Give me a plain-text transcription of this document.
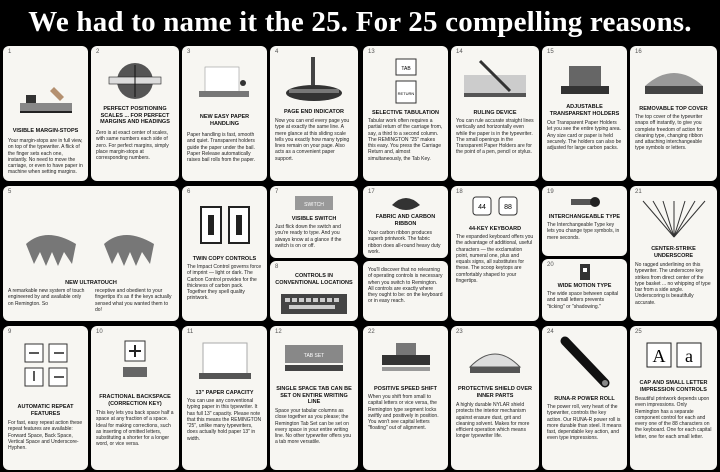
We had to name it the 25. For 25 compelling reasons.
1
VISIBLE MARGIN-STOPS
Your margin-stops are in full view, on top of the typewriter. A flick of the finger sets each one, instantly. No need to move the carriage, or even to have paper in machine when setting margins.
2
PERFECT POSITIONING SCALES ... FOR PERFECT MARGINS AND HEADINGS
Zero is at exact center of scales, with same numbers each side of zero. For perfect margins, simply place margin-stops at corresponding numbers.
3
NEW EASY PAPER HANDLING
Paper handling is fast, smooth and quiet. Transparent holders guide the paper under the bail. Paper Release automatically raises bail rolls from the paper.
4
PAGE END INDICATOR
Now you can end every page you type at exactly the same line. A mere glance at this sliding scale tells you exactly how many typing lines remain on your page. Also acts as a convenient paper support.
13
TAB
RETURN
SELECTIVE TABULATION
Tabular work often requires a partial return of the carriage from, say, a third to a second column. The REMINGTON "25" makes this easy. You press the Carriage Return and, almost simultaneously, the Tab Key.
14
RULING DEVICE
You can rule accurate straight lines vertically and horizontally even while the paper is in the typewriter. The small openings in the Transparent Paper Holders are for the point of a pen, pencil or stylus.
15
ADJUSTABLE TRANSPARENT HOLDERS
Our Transparent Paper Holders let you see the entire typing area. Any size card or paper is held securely. The holders can also be adjusted for large carbon packs.
16
REMOVABLE TOP COVER
The top cover of the typewriter snaps off instantly, to give you complete freedom of action for cleaning type, changing ribbon and attaching interchangeable type symbols or letters.
5
NEW ULTRATOUCH
A remarkable new system of touch engineered by and available only on Remington. So
receptive and obedient to your fingertips it's as if the keys actually sensed what you wanted them to do!
6
TWIN COPY CONTROLS
The Impact Control governs force of imprint — light or dark. The Carbon Control provides for the thickness of carbon pack. Together they spell quality printwork.
7
SWITCH
VISIBLE SWITCH
Just flick down the switch and you're ready to type. And you always know at a glance if the switch is on or off.
8
CONTROLS IN CONVENTIONAL LOCATIONS
17
FABRIC AND CARBON RIBBON
Your carbon ribbon produces superb printwork. The fabric ribbon does all-round heavy duty work.
You'll discover that no relearning of operating controls is necessary when you switch to Remington. All controls are exactly where they ought to be: on the keyboard or in easy reach.
18
44	88
44-KEY KEYBOARD
The expanded keyboard offers you the advantage of additional, useful characters — the exclamation point, numeral one, plus and equals signs, all substitutes for these. The scoop keytops are comfortably shaped to your fingertips.
19
INTERCHANGEABLE TYPE
The Interchangeable Type key lets you change type symbols, in mere seconds.
20
WIDE MOTION TYPE
The wide space between capital and small letters prevents "ticking" or "shadowing."
21
CENTER-STRIKE UNDERSCORE
No ragged underlining on this typewriter. The underscore key strikes from direct center of the type basket ... no whipping of type bar from a side angle. Underscoring is beautifully accurate.
9
AUTOMATIC REPEAT FEATURES
For fast, easy repeat action these repeat features are available: Forward Space, Back Space, Vertical Space and Underscore-Hyphen.
10
FRACTIONAL BACKSPACE (CORRECTION KEY)
This key lets you back space half a space at any fraction of a space. Ideal for making corrections, such as inserting of omitted letters, substituting a shorter for a longer word, or vice versa.
11
13" PAPER CAPACITY
You can use any conventional typing paper in this typewriter. It has full 13" capacity. Please note that this means the REMINGTON "25", unlike many typewriters, does actually hold paper 13" in width.
12
TAB SET
SINGLE SPACE TAB CAN BE SET ON ENTIRE WRITING LINE
Space your tabular columns as close together as you please; the Remington Tab Set can be set on every space in your entire writing line. No other typewriter offers you a tab more versatile.
22
POSITIVE SPEED SHIFT
When you shift from small to capital letters or vice versa, the Remington type segment locks swiftly and positively in position. You won't see capital letters "floating" out of alignment.
23
PROTECTIVE SHIELD OVER INNER PARTS
A highly durable NYLAR shield protects the interior mechanism against erasure dust, grit and cleaning solvent. Makes for more efficient operation which means longer typewriter life.
24
RUNA-R POWER ROLL
The power roll, very heart of the typewriter, controls the key action. Our RUNA-R power roll is more durable than steel. It means fast, dependable key action, and even type impressions.
25
A a
CAP AND SMALL LETTER IMPRESSION CONTROLS
Beautiful printwork depends upon even impressions. Only Remington has a separate component control for each and every one of the 88 characters on the keyboard. One for each capital letter, one for each small letter.
